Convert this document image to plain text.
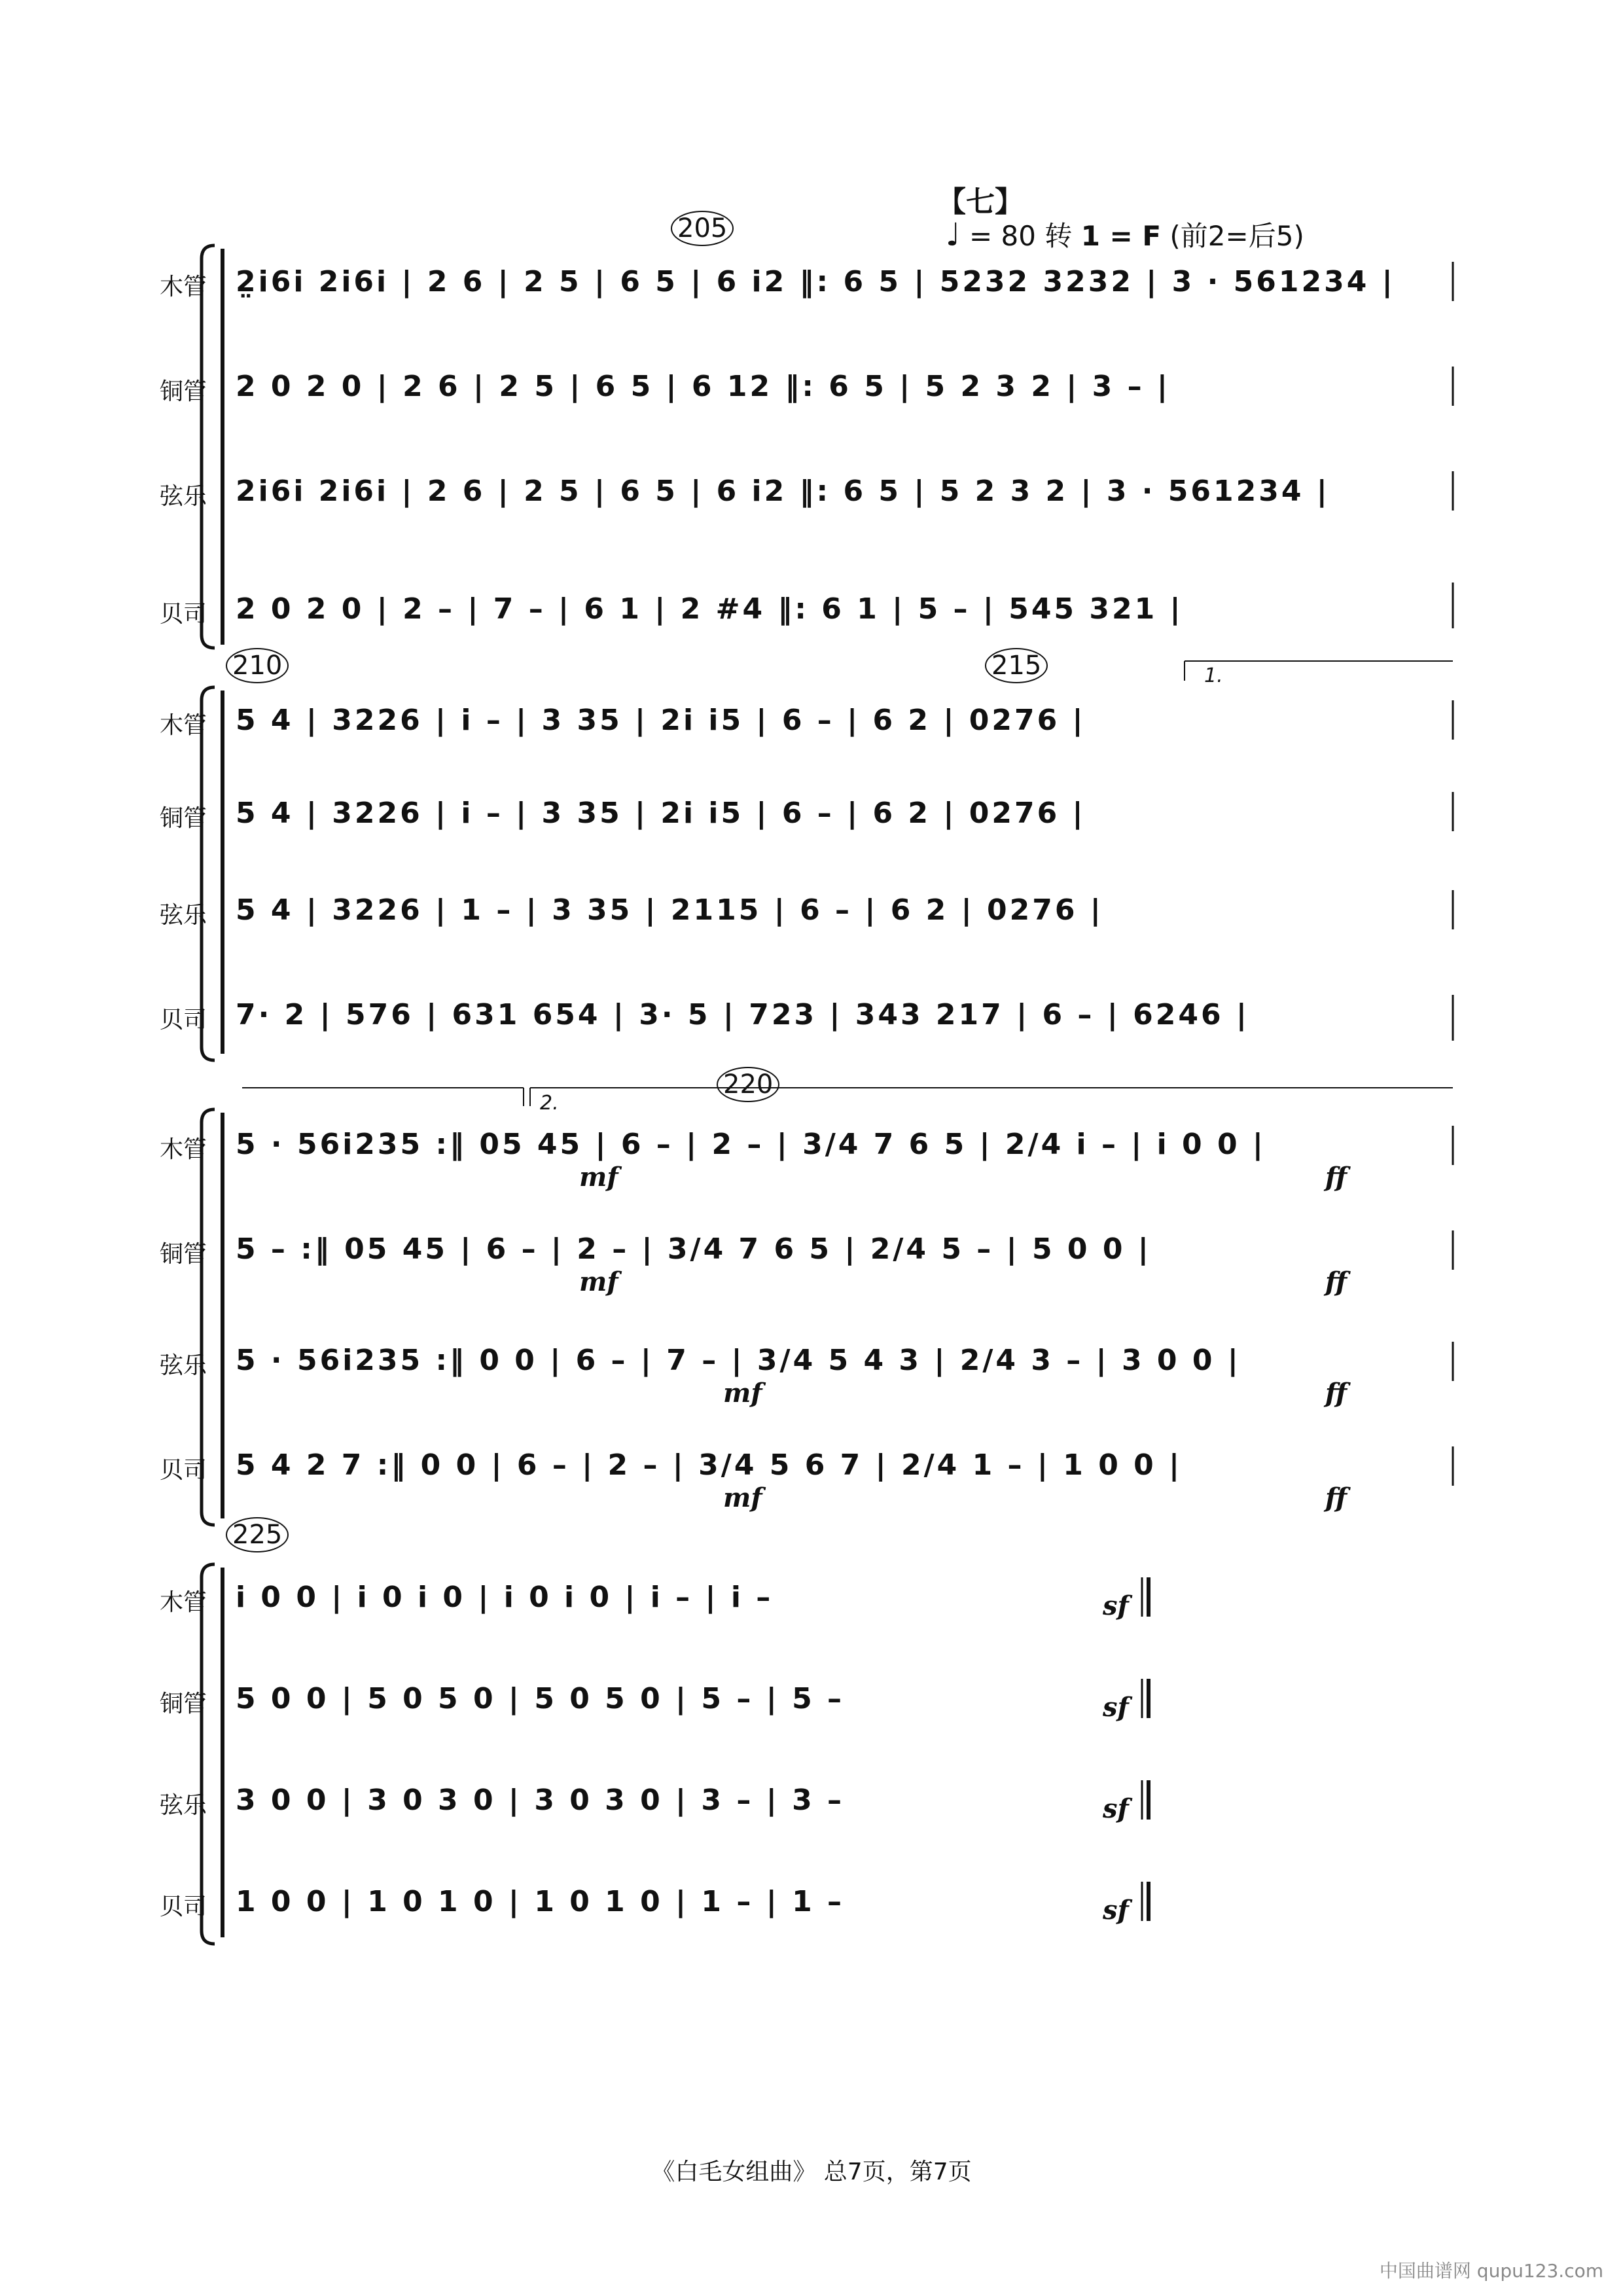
【七】
♩ = 80 转 1 = F (前2=后5)
205
木管	2̤i6i 2i6i | 2 6 | 2 5 | 6 5 | 6 i2 ‖: 6 5 | 5232 3232 | 3 · 561234 |
铜管	2 0 2 0 | 2 6 | 2 5 | 6 5 | 6 12 ‖: 6 5 | 5 2 3 2 | 3 – |
弦乐	2i6i 2i6i | 2 6 | 2 5 | 6 5 | 6 i2 ‖: 6 5 | 5 2 3 2 | 3 · 561234 |
贝司	2 0 2 0 | 2 – | 7 – | 6 1 | 2 #4 ‖: 6 1 | 5 – | 545 321 |
210	215	1.
木管	5 4 | 3226 | i – | 3 35 | 2i i5 | 6 – | 6 2 | 0276 |
铜管	5 4 | 3226 | i – | 3 35 | 2i i5 | 6 – | 6 2 | 0276 |
弦乐	5 4 | 3226 | 1 – | 3 35 | 2115 | 6 – | 6 2 | 0276 |
贝司	7· 2 | 576 | 631 654 | 3· 5 | 723 | 343 217 | 6 – | 6246 |
220
2.
木管	5 · 56i235 :‖ 05 45 | 6 – | 2 – | 3/4 7 6 5 | 2/4 i – | i 0 0 |
mf	ff
铜管	5 – :‖ 05 45 | 6 – | 2 – | 3/4 7 6 5 | 2/4 5 – | 5 0 0 |
mf	ff
弦乐	5 · 56i235 :‖ 0 0 | 6 – | 7 – | 3/4 5 4 3 | 2/4 3 – | 3 0 0 |
mf	ff
贝司	5 4 2 7 :‖ 0 0 | 6 – | 2 – | 3/4 5 6 7 | 2/4 1 – | 1 0 0 |
mf	ff
225
木管	i 0 0 | i 0 i 0 | i 0 i 0 | i – | i –	sf
铜管	5 0 0 | 5 0 5 0 | 5 0 5 0 | 5 – | 5 –	sf
弦乐	3 0 0 | 3 0 3 0 | 3 0 3 0 | 3 – | 3 –	sf
贝司	1 0 0 | 1 0 1 0 | 1 0 1 0 | 1 – | 1 –	sf
《白毛女组曲》 总7页，第7页
中国曲谱网 qupu123.com
